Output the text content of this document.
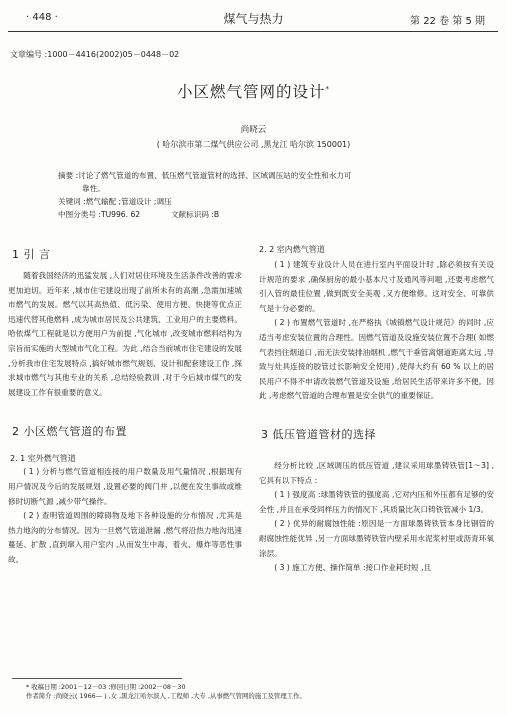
· 448 ·	煤气与热力	第 22 卷 第 5 期
文章编号 :1000－4416(2002)05－0448－02
小区燃气管网的设计*
尚晓云
( 哈尔滨市第二煤气供应公司 ,黑龙江 哈尔滨 150001)
摘要 :讨论了燃气管道的布置、低压燃气管道管材的选择、区域调压站的安全性和水力可
靠性。
关键词 :燃气输配 ;管道设计 ;调压
中图分类号 :TU996. 62	文献标识码 :B
1 引 言

随着我国经济的迅猛发展 ,人们对居住环境及生活条件改善的需求更加迫切。近年来 ,城市住宅建设出现了前所未有的高潮 ,急需加速城市燃气的发展。燃气以其高热值、低污染、使用方便、快捷等优点正迅速代替其他燃料 ,成为城市居民及公共建筑、工业用户的主要燃料。哈依煤气工程就是以方便用户为前提 ,气化城市 ,改变城市燃料结构为宗旨而实施的大型城市气化工程。为此 ,结合当前城市住宅建设的发展 ,分析我市住宅发展特点 ,搞好城市燃气规划、设计和配套建设工作 ,探求城市燃气与其他专业的关系 ,总结经验教训 ,对于今后城市煤气的发展建设工作有很重要的意义。

2 小区燃气管道的布置
2. 1 室外燃气管道

( 1 ) 分析与燃气管道相连接的用户数量及用气量情况 ,根据现有用户情况及今后的发展规划 ,设置必要的阀门井 ,以便在发生事故或维修时切断气源 ,减少带气操作。

( 2 ) 查明管道周围的障碍物及地下各种设施的分布情况 ,尤其是热力地沟的分布情况。因为一旦燃气管道泄漏 ,燃气将沿热力地沟迅速蔓延、扩散 ,直到窜入用户室内 ,从而发生中毒、着火、爆炸等恶性事故。

2. 2 室内燃气管道

( 1 ) 建筑专业设计人员在进行室内平面设计时 ,除必须按有关设计规范的要求 ,确保厨房的最小基本尺寸及通风等问题 ,还要考虑燃气引入管的最佳位置 ,做到既安全美观 ,又方便维修。这对安全、可靠供气是十分必要的。

( 2 ) 布置燃气管道时 ,在严格执《城镇燃气设计规范》的同时 ,应适当考虑安装位置的合理性。因燃气管道及设施安装位置不合理( 如燃气表挡住烟道口 ,而无法安装排油烟机 ,燃气干垂管离烟道距离太远 ,导致与灶具连接的胶管过长影响安全使用) ,使得大约有 60 % 以上的居民用户不得不申请改装燃气管道及设施 ,给居民生活带来许多不便。因此 ,考虑燃气管道的合理布置是安全供气的重要保证。

3 低压管道管材的选择

经分析比较 ,区域调压的低压管道 ,建议采用球墨铸铁管[1～3] ,它具有以下特点 :

( 1 ) 强度高 :球墨铸铁管的强度高 ,它对内压和外压都有足够的安全性 ,并且在承受同样压力的情况下 ,其质量比灰口铸铁管减小 1/3。

( 2 ) 优异的耐腐蚀性能 :原因是一方面球墨铸铁管本身比钢管的耐腐蚀性能优异 ,另一方面球墨铸铁管内壁采用水泥浆衬里或沥青环氧涂层。

( 3 ) 施工方便、操作简单 :接口作业耗时短 ,且

* 收稿日期 :2001－12－03 ;修回日期 :2002－08－30
作者简介 :尚晓云( 1966— ) ,女 ,黑龙江哈尔滨人 ,工程师 ,大专 ,从事燃气管网的施工及管理工作。
